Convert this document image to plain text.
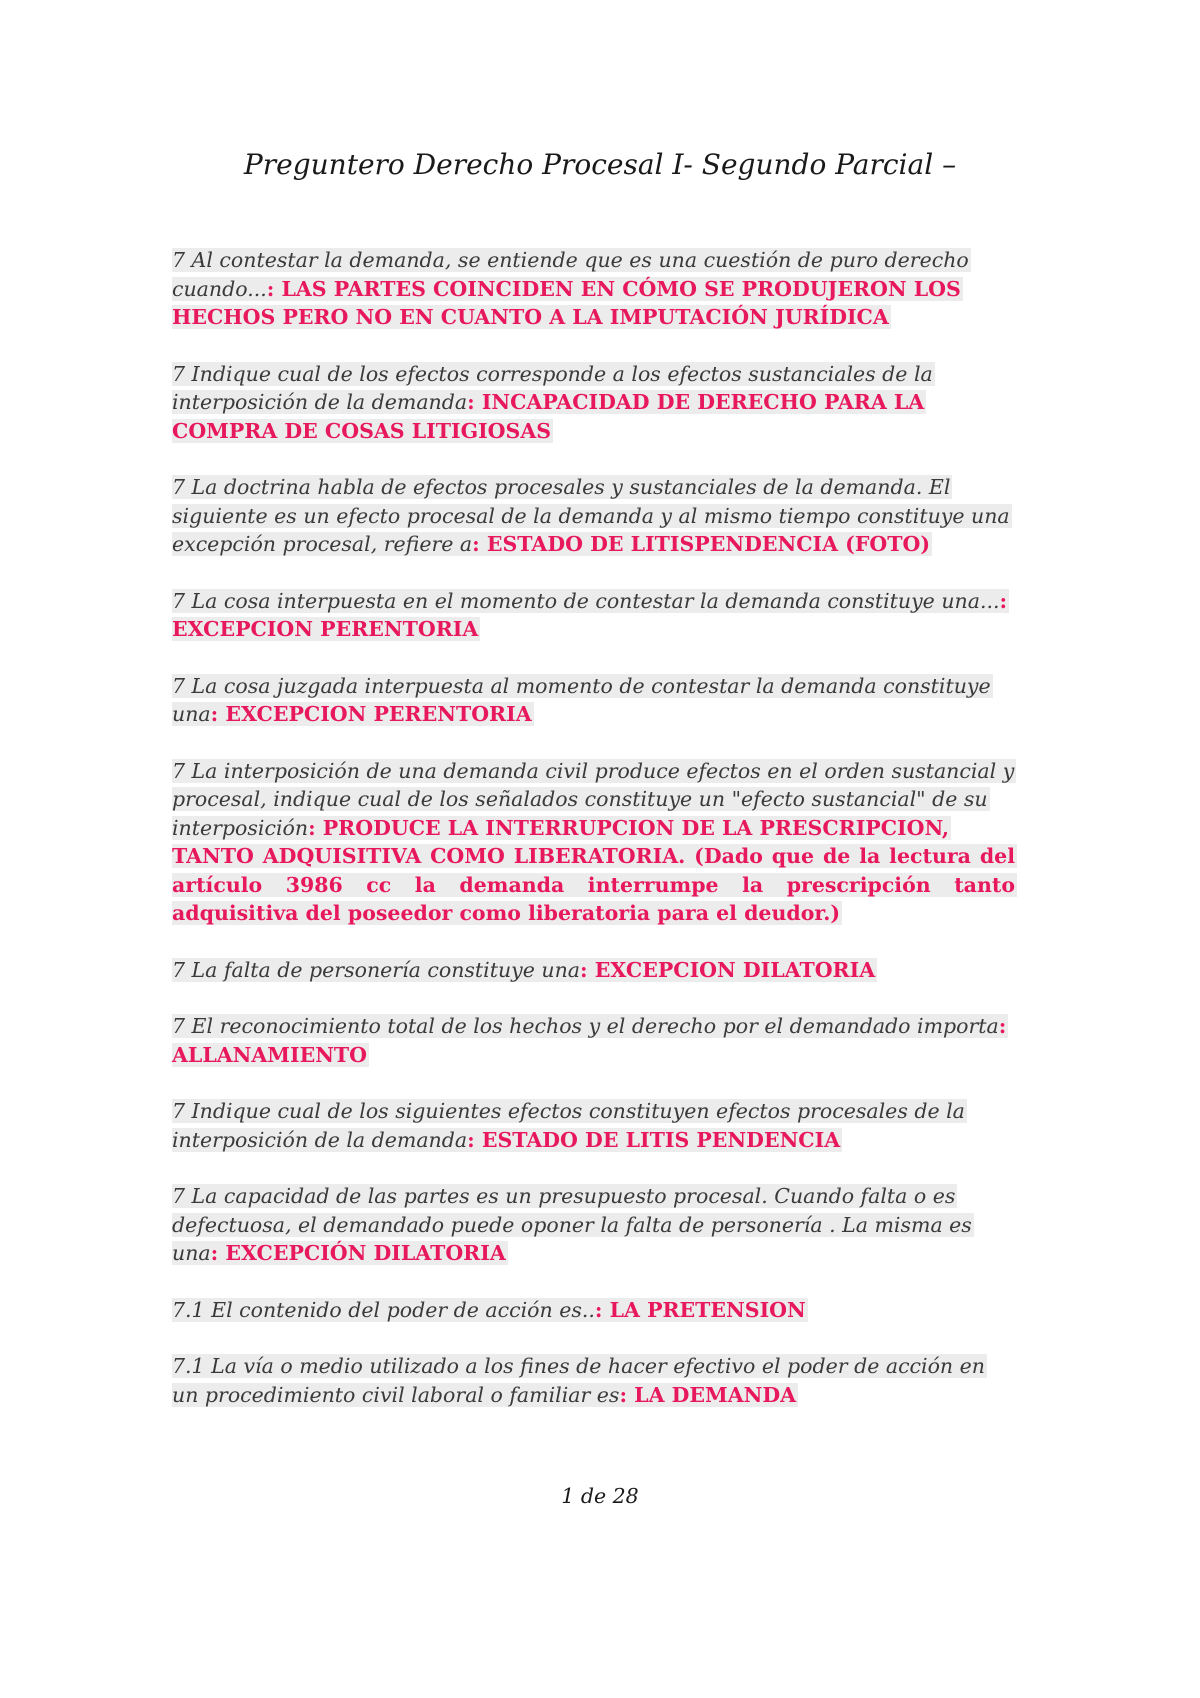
Preguntero Derecho Procesal I- Segundo Parcial –

7 Al contestar la demanda, se entiende que es una cuestión de puro derecho cuando...: LAS PARTES COINCIDEN EN CÓMO SE PRODUJERON LOS HECHOS PERO NO EN CUANTO A LA IMPUTACIÓN JURÍDICA

7 Indique cual de los efectos corresponde a los efectos sustanciales de la interposición de la demanda: INCAPACIDAD DE DERECHO PARA LA COMPRA DE COSAS LITIGIOSAS

7 La doctrina habla de efectos procesales y sustanciales de la demanda. El siguiente es un efecto procesal de la demanda y al mismo tiempo constituye una excepción procesal, refiere a: ESTADO DE LITISPENDENCIA (FOTO)

7 La cosa interpuesta en el momento de contestar la demanda constituye una...: EXCEPCION PERENTORIA

7 La cosa juzgada interpuesta al momento de contestar la demanda constituye una: EXCEPCION PERENTORIA

7 La interposición de una demanda civil produce efectos en el orden sustancial y procesal, indique cual de los señalados constituye un "efecto sustancial" de su interposición: PRODUCE LA INTERRUPCION DE LA PRESCRIPCION,
TANTO ADQUISITIVA COMO LIBERATORIA. (Dado que de la lectura del artículo 3986 cc la demanda interrumpe la prescripción tanto adquisitiva del poseedor como liberatoria para el deudor.)

7 La falta de personería constituye una: EXCEPCION DILATORIA

7 El reconocimiento total de los hechos y el derecho por el demandado importa: ALLANAMIENTO

7 Indique cual de los siguientes efectos constituyen efectos procesales de la interposición de la demanda: ESTADO DE LITIS PENDENCIA

7 La capacidad de las partes es un presupuesto procesal. Cuando falta o es defectuosa, el demandado puede oponer la falta de personería . La misma es una: EXCEPCIÓN DILATORIA

7.1 El contenido del poder de acción es..: LA PRETENSION

7.1 La vía o medio utilizado a los fines de hacer efectivo el poder de acción en un procedimiento civil laboral o familiar es: LA DEMANDA

1 de 28
